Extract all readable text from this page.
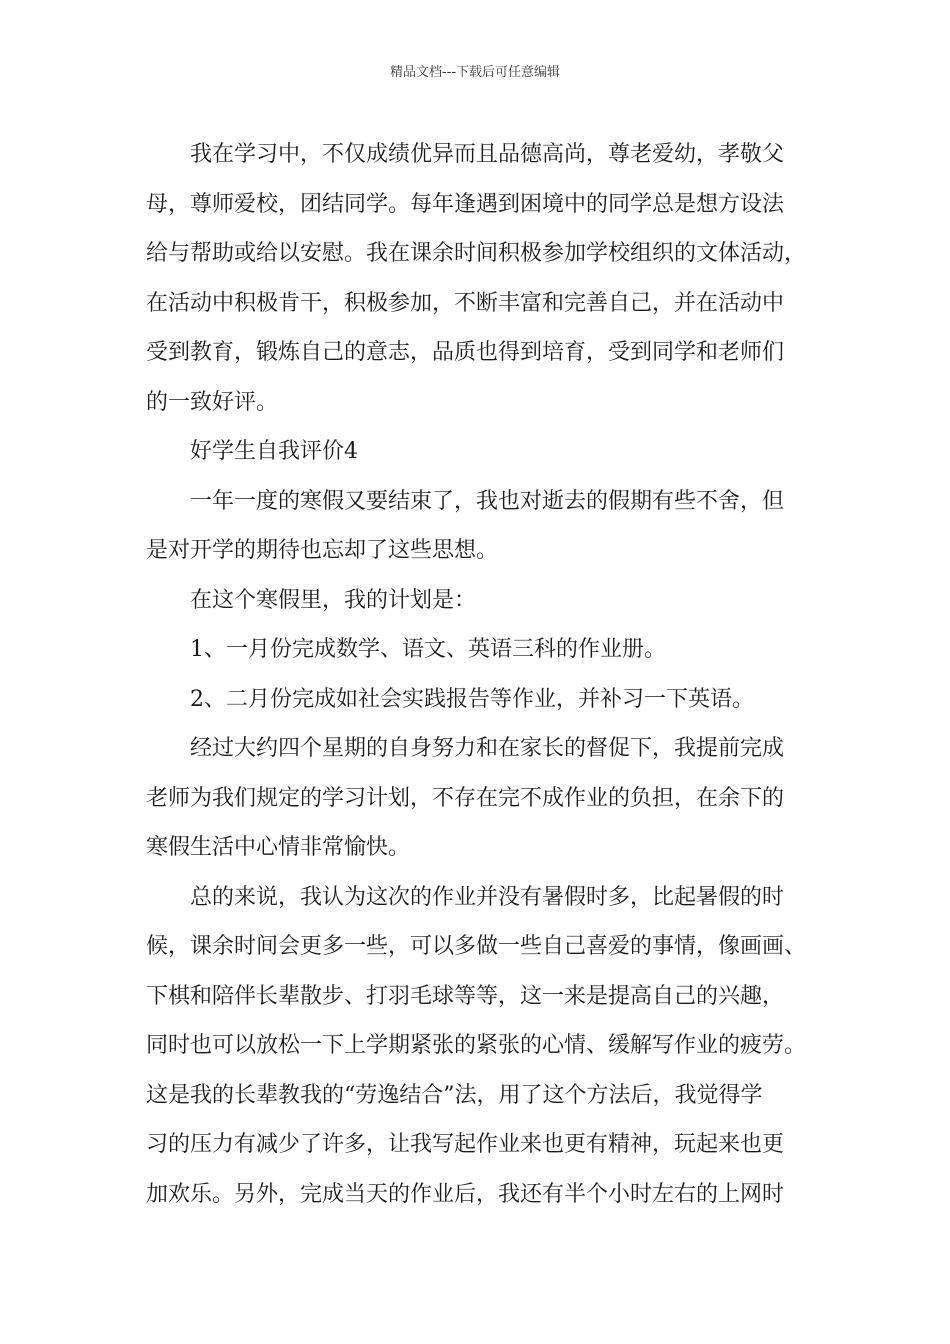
精品文档---下载后可任意编辑
我在学习中，不仅成绩优异而且品德高尚，尊老爱幼，孝敬父
母，尊师爱校，团结同学。每年逢遇到困境中的同学总是想方设法
给与帮助或给以安慰。我在课余时间积极参加学校组织的文体活动，
在活动中积极肯干，积极参加，不断丰富和完善自己，并在活动中
受到教育，锻炼自己的意志，品质也得到培育，受到同学和老师们
的一致好评。
好学生自我评价4
一年一度的寒假又要结束了，我也对逝去的假期有些不舍，但
是对开学的期待也忘却了这些思想。
在这个寒假里，我的计划是：
1、一月份完成数学、语文、英语三科的作业册。
2、二月份完成如社会实践报告等作业，并补习一下英语。
经过大约四个星期的自身努力和在家长的督促下，我提前完成
老师为我们规定的学习计划，不存在完不成作业的负担，在余下的
寒假生活中心情非常愉快。
总的来说，我认为这次的作业并没有暑假时多，比起暑假的时
候，课余时间会更多一些，可以多做一些自己喜爱的事情，像画画、
下棋和陪伴长辈散步、打羽毛球等等，这一来是提高自己的兴趣，
同时也可以放松一下上学期紧张的紧张的心情、缓解写作业的疲劳。
这是我的长辈教我的“劳逸结合”法，用了这个方法后，我觉得学
习的压力有减少了许多，让我写起作业来也更有精神，玩起来也更
加欢乐。另外，完成当天的作业后，我还有半个小时左右的上网时
